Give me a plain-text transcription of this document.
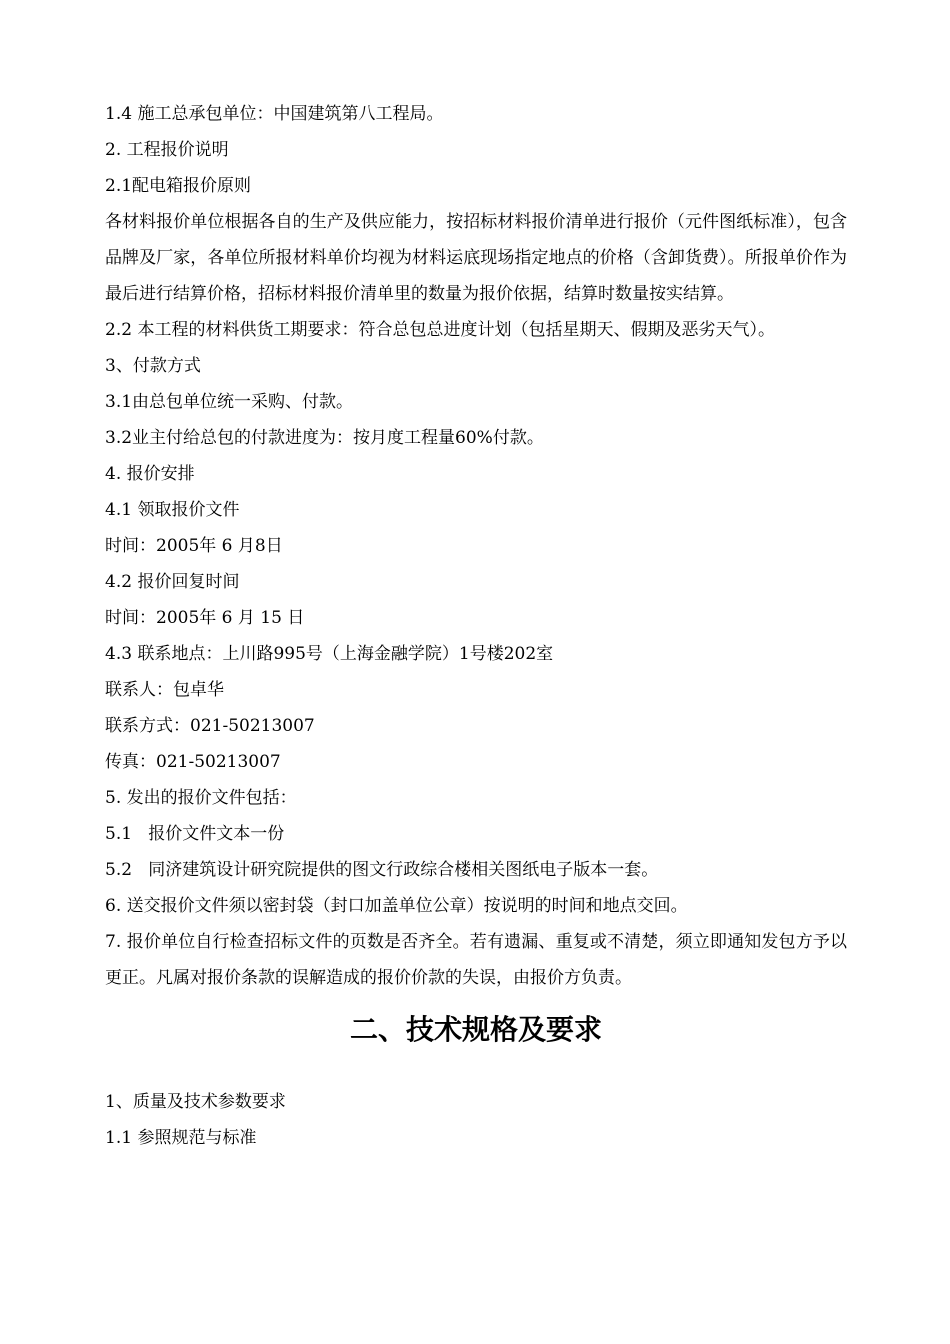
1.4 施工总承包单位：中国建筑第八工程局。
2. 工程报价说明
2.1配电箱报价原则
各材料报价单位根据各自的生产及供应能力，按招标材料报价清单进行报价（元件图纸标准），包含品牌及厂家，各单位所报材料单价均视为材料运底现场指定地点的价格（含卸货费）。所报单价作为最后进行结算价格，招标材料报价清单里的数量为报价依据，结算时数量按实结算。
2.2 本工程的材料供货工期要求：符合总包总进度计划（包括星期天、假期及恶劣天气）。
3、付款方式
3.1由总包单位统一采购、付款。
3.2业主付给总包的付款进度为：按月度工程量60%付款。
4. 报价安排
4.1 领取报价文件
时间：2005年 6 月8日
4.2 报价回复时间
时间：2005年 6 月 15 日
4.3 联系地点：上川路995号（上海金融学院）1号楼202室
联系人：包卓华
联系方式：021-50213007
传真：021-50213007
5. 发出的报价文件包括：
5.1   报价文件文本一份
5.2   同济建筑设计研究院提供的图文行政综合楼相关图纸电子版本一套。
6. 送交报价文件须以密封袋（封口加盖单位公章）按说明的时间和地点交回。
7. 报价单位自行检查招标文件的页数是否齐全。若有遗漏、重复或不清楚，须立即通知发包方予以更正。凡属对报价条款的误解造成的报价价款的失误，由报价方负责。
二、技术规格及要求
1、质量及技术参数要求
1.1 参照规范与标准
